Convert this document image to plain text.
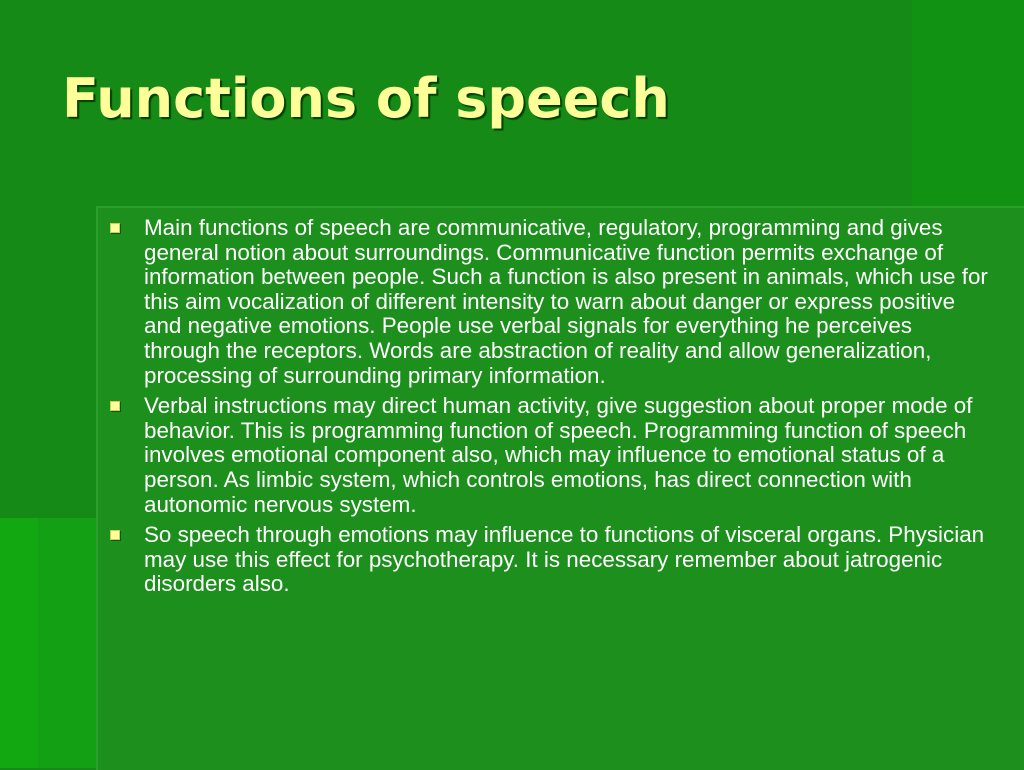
Functions of speech
Main functions of speech are communicative, regulatory, programming and gives general notion about surroundings. Communicative function permits exchange of information between people. Such a function is also present in animals, which use for this aim vocalization of different intensity to warn about danger or express positive and negative emotions. People use verbal signals for everything he perceives through the receptors. Words are abstraction of reality and allow generalization, processing of surrounding primary information.
Verbal instructions may direct human activity, give suggestion about proper mode of behavior. This is programming function of speech. Programming function of speech involves emotional component also, which may influence to emotional status of a person. As limbic system, which controls emotions, has direct connection with autonomic nervous system.
So speech through emotions may influence to functions of visceral organs. Physician may use this effect for psychotherapy. It is necessary remember about jatrogenic disorders also.
